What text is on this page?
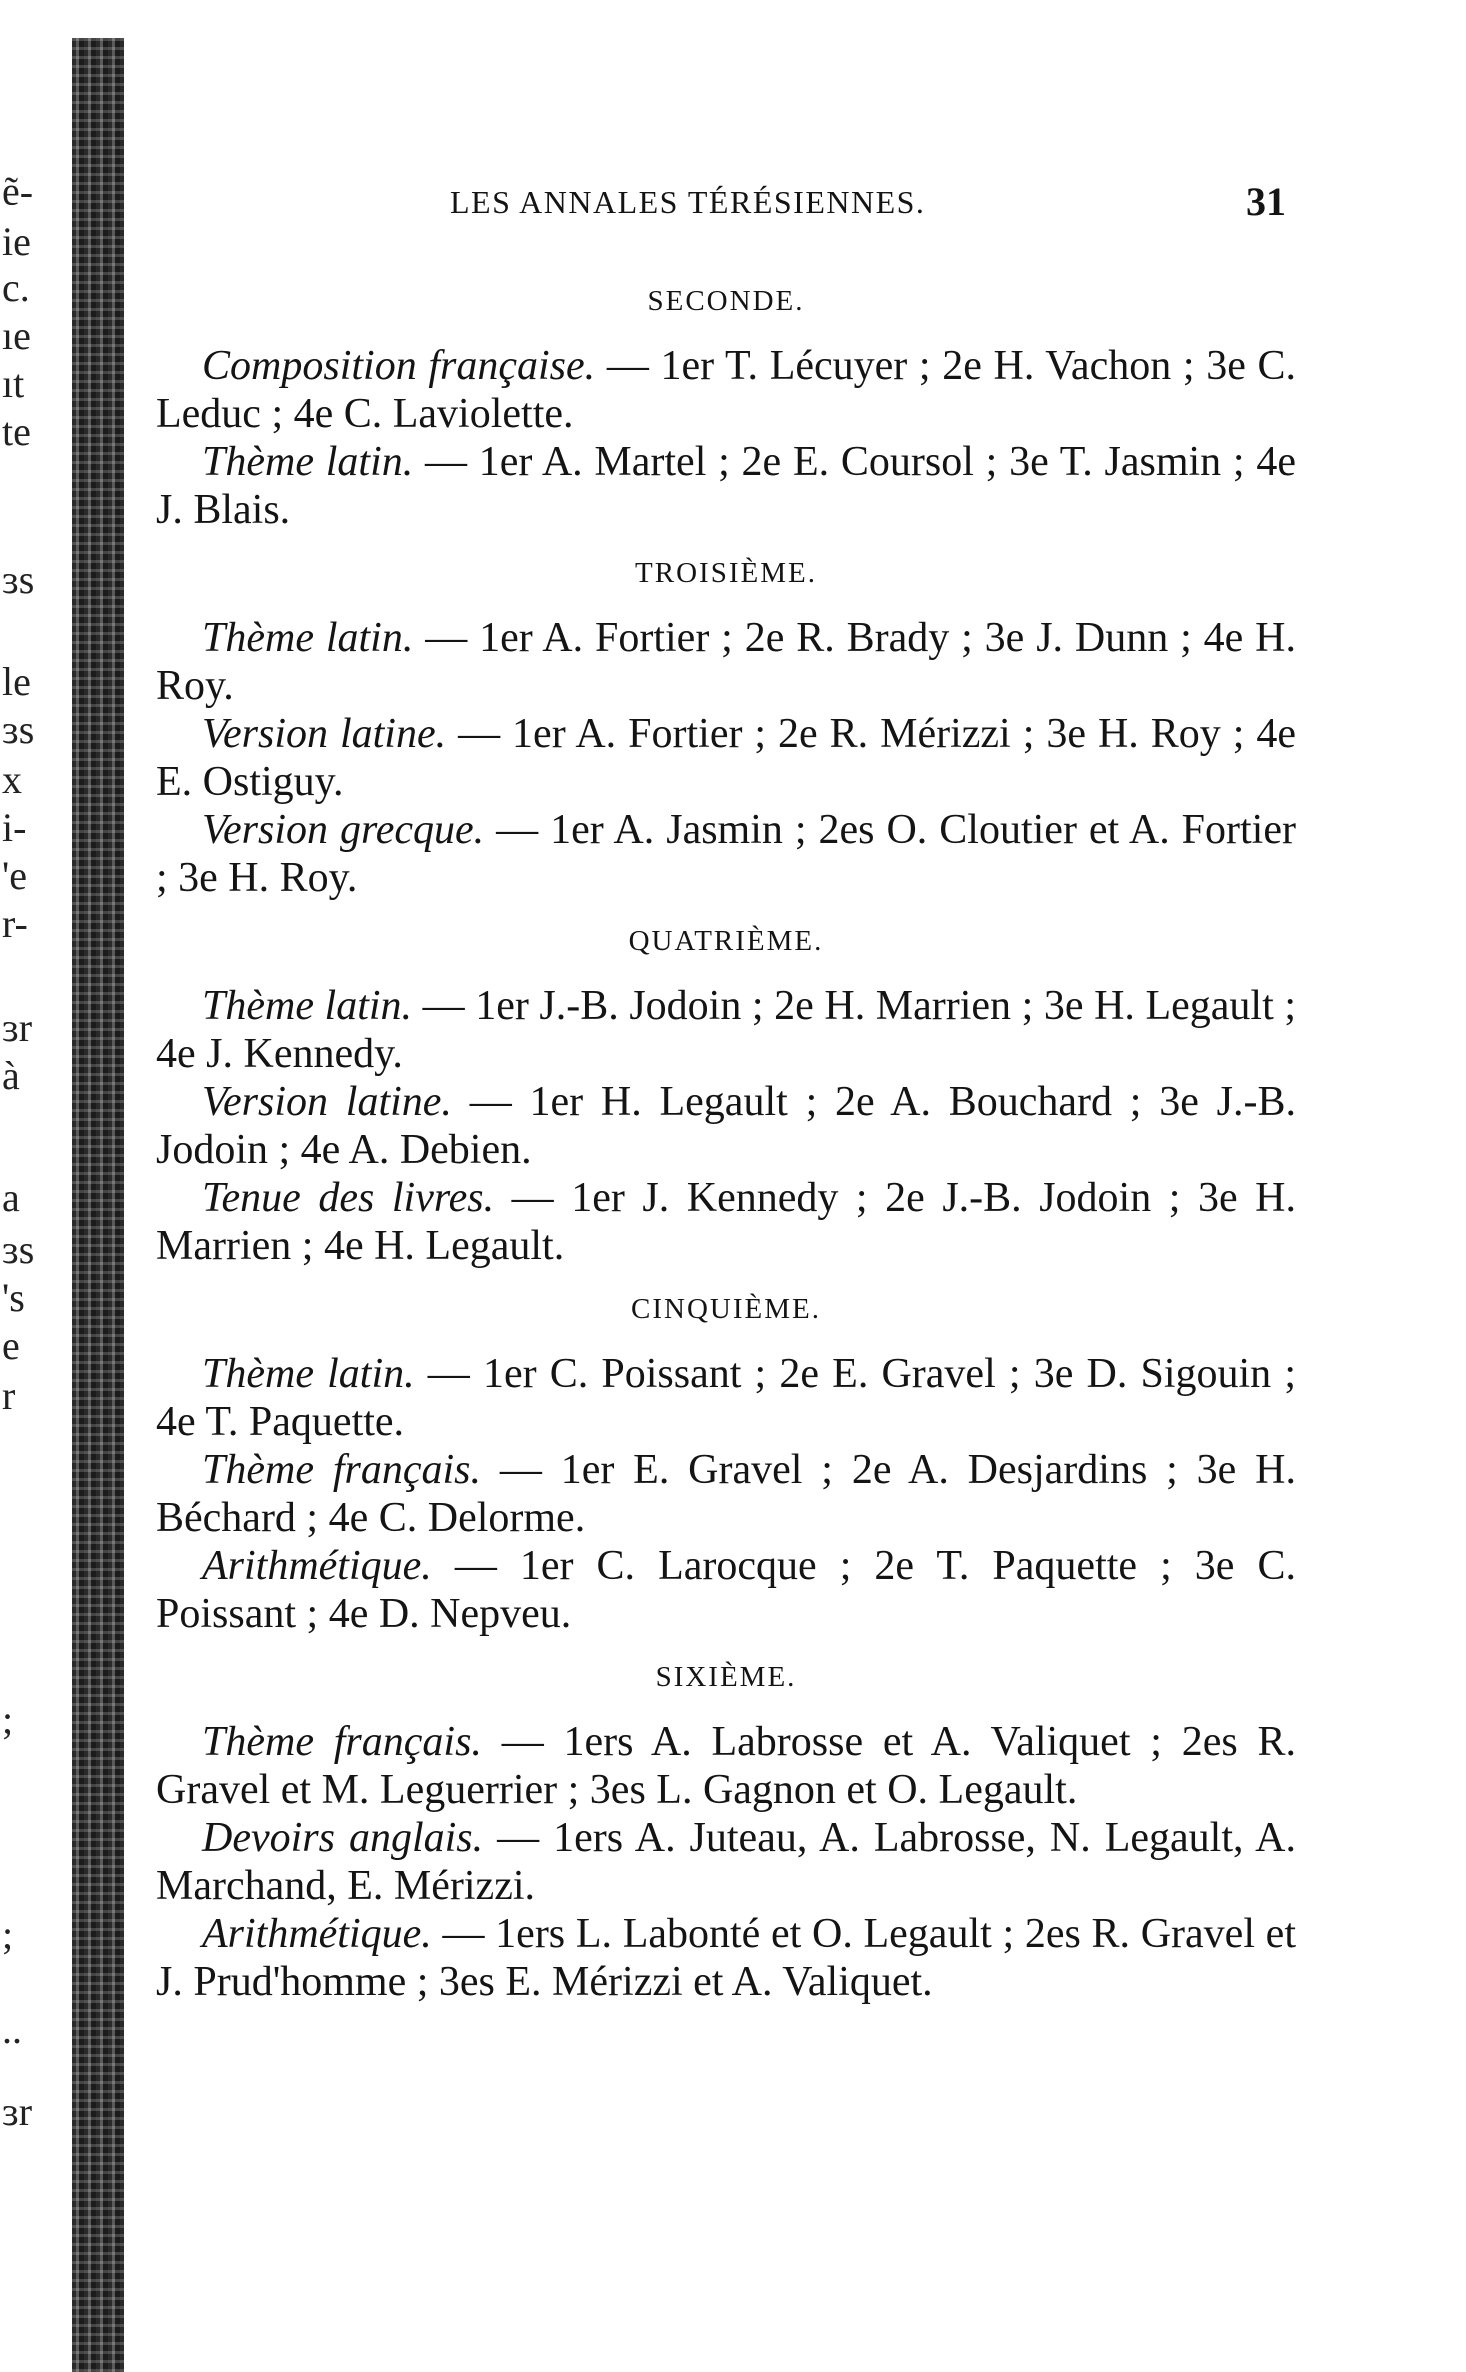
ẽ-
ie
c.
ıe
ıt
te
ɜs
le
ɜs
x
i-
'e
r-
ɜr
à
a
ɜs
's
e
r
;
;
..
ɜr
LES ANNALES TÉRÉSIENNES.	31
SECONDE.

Composition française. — 1er T. Lécuyer ; 2e H. Vachon ; 3e C. Leduc ; 4e C. Laviolette.

Thème latin. — 1er A. Martel ; 2e E. Coursol ; 3e T. Jasmin ; 4e J. Blais.

TROISIÈME.

Thème latin. — 1er A. Fortier ; 2e R. Brady ; 3e J. Dunn ; 4e H. Roy.

Version latine. — 1er A. Fortier ; 2e R. Mérizzi ; 3e H. Roy ; 4e E. Ostiguy.

Version grecque. — 1er A. Jasmin ; 2es O. Cloutier et A. Fortier ; 3e H. Roy.

QUATRIÈME.

Thème latin. — 1er J.-B. Jodoin ; 2e H. Marrien ; 3e H. Legault ; 4e J. Kennedy.

Version latine. — 1er H. Legault ; 2e A. Bouchard ; 3e J.-B. Jodoin ; 4e A. Debien.

Tenue des livres. — 1er J. Kennedy ; 2e J.-B. Jodoin ; 3e H. Marrien ; 4e H. Legault.

CINQUIÈME.

Thème latin. — 1er C. Poissant ; 2e E. Gravel ; 3e D. Sigouin ; 4e T. Paquette.

Thème français. — 1er E. Gravel ; 2e A. Desjardins ; 3e H. Béchard ; 4e C. Delorme.

Arithmétique. — 1er C. Larocque ; 2e T. Paquette ; 3e C. Poissant ; 4e D. Nepveu.

SIXIÈME.

Thème français. — 1ers A. Labrosse et A. Valiquet ; 2es R. Gravel et M. Leguerrier ; 3es L. Gagnon et O. Legault.

Devoirs anglais. — 1ers A. Juteau, A. Labrosse, N. Legault, A. Marchand, E. Mérizzi.

Arithmétique. — 1ers L. Labonté et O. Legault ; 2es R. Gravel et J. Prud'homme ; 3es E. Mérizzi et A. Valiquet.
